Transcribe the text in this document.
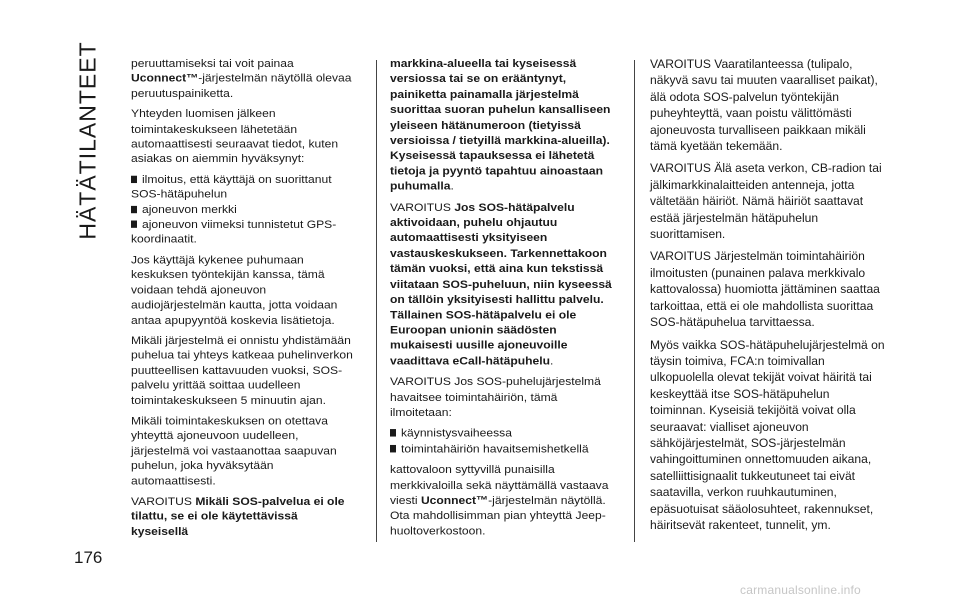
HÄTÄTILANTEET	peruuttamiseksi tai voit painaa Uconnect™-järjestelmän näytöllä olevaa peruutuspainiketta.

Yhteyden luomisen jälkeen toimintakeskukseen lähetetään automaattisesti seuraavat tiedot, kuten asiakas on aiemmin hyväksynyt:

ilmoitus, että käyttäjä on suorittanut SOS-hätäpuhelun
ajoneuvon merkki
ajoneuvon viimeksi tunnistetut GPS-koordinaatit.

Jos käyttäjä kykenee puhumaan keskuksen työntekijän kanssa, tämä voidaan tehdä ajoneuvon audiojärjestelmän kautta, jotta voidaan antaa apupyyntöä koskevia lisätietoja.

Mikäli järjestelmä ei onnistu yhdistämään puhelua tai yhteys katkeaa puhelinverkon puutteellisen kattavuuden vuoksi, SOS-palvelu yrittää soittaa uudelleen toimintakeskukseen 5 minuutin ajan.

Mikäli toimintakeskuksen on otettava yhteyttä ajoneuvoon uudelleen, järjestelmä voi vastaanottaa saapuvan puhelun, joka hyväksytään automaattisesti.

VAROITUS Mikäli SOS-palvelua ei ole tilattu, se ei ole käytettävissä kyseisellä

markkina-alueella tai kyseisessä versiossa tai se on erääntynyt, painiketta painamalla järjestelmä suorittaa suoran puhelun kansalliseen yleiseen hätänumeroon (tietyissä versioissa / tietyillä markkina-alueilla). Kyseisessä tapauksessa ei lähetetä tietoja ja pyyntö tapahtuu ainoastaan puhumalla.

VAROITUS Jos SOS-hätäpalvelu aktivoidaan, puhelu ohjautuu automaattisesti yksityiseen vastauskeskukseen. Tarkennettakoon tämän vuoksi, että aina kun tekstissä viitataan SOS-puheluun, niin kyseessä on tällöin yksityisesti hallittu palvelu. Tällainen SOS-hätäpalvelu ei ole Euroopan unionin säädösten mukaisesti uusille ajoneuvoille vaadittava eCall-hätäpuhelu.

VAROITUS Jos SOS-puhelujärjestelmä havaitsee toimintahäiriön, tämä ilmoitetaan:

käynnistysvaiheessa
toimintahäiriön havaitsemishetkellä

kattovaloon syttyvillä punaisilla merkkivaloilla sekä näyttämällä vastaava viesti Uconnect™-järjestelmän näytöllä. Ota mahdollisimman pian yhteyttä Jeep-huoltoverkostoon.

VAROITUS Vaaratilanteessa (tulipalo, näkyvä savu tai muuten vaaralliset paikat), älä odota SOS-palvelun työntekijän puheyhteyttä, vaan poistu välittömästi ajoneuvosta turvalliseen paikkaan mikäli tämä kyetään tekemään.

VAROITUS Älä aseta verkon, CB-radion tai jälkimarkkinalaitteiden antenneja, jotta vältetään häiriöt. Nämä häiriöt saattavat estää järjestelmän hätäpuhelun suorittamisen.

VAROITUS Järjestelmän toimintahäiriön ilmoitusten (punainen palava merkkivalo kattovalossa) huomiotta jättäminen saattaa tarkoittaa, että ei ole mahdollista suorittaa SOS-hätäpuhelua tarvittaessa.

Myös vaikka SOS-hätäpuhelujärjestelmä on täysin toimiva, FCA:n toimivallan ulkopuolella olevat tekijät voivat häiritä tai keskeyttää itse SOS-hätäpuhelun toiminnan. Kyseisiä tekijöitä voivat olla seuraavat: vialliset ajoneuvon sähköjärjestelmät, SOS-järjestelmän vahingoittuminen onnettomuuden aikana, satelliittisignaalit tukkeutuneet tai eivät saatavilla, verkon ruuhkautuminen, epäsuotuisat sääolosuhteet, rakennukset, häiritsevät rakenteet, tunnelit, ym.

176
carmanualsonline.info
